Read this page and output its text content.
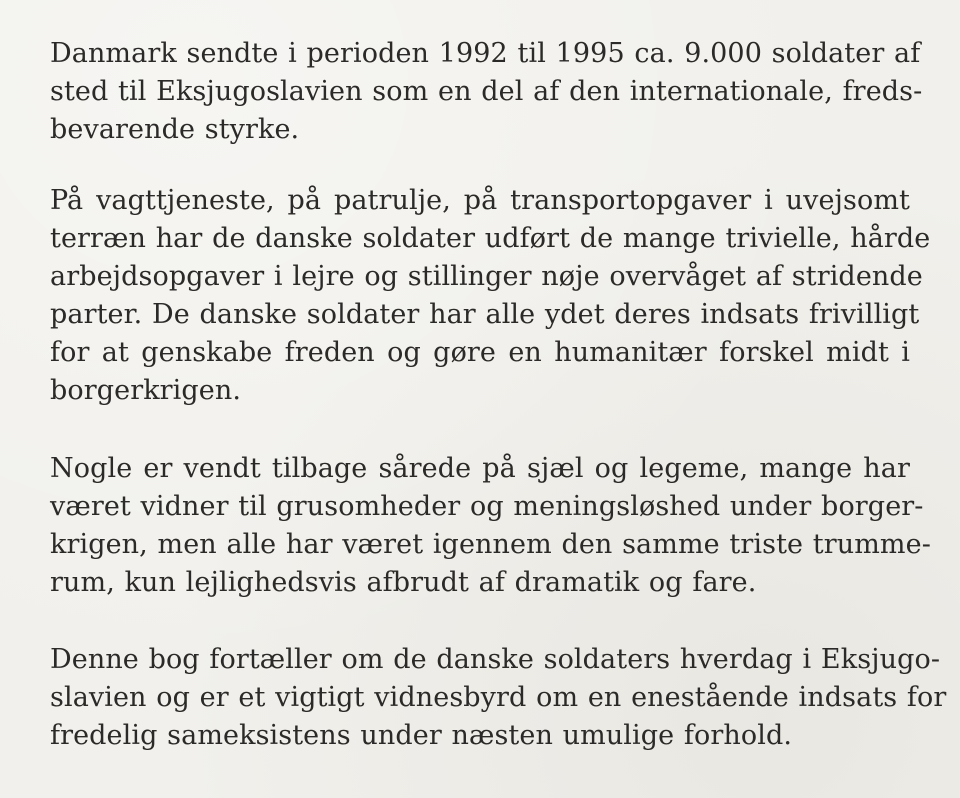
Danmark sendte i perioden 1992 til 1995 ca. 9.000 soldater af
sted til Eksjugoslavien som en del af den internationale, freds-
bevarende styrke.

På vagttjeneste, på patrulje, på transportopgaver i uvejsomt
terræn har de danske soldater udført de mange trivielle, hårde
arbejdsopgaver i lejre og stillinger nøje overvåget af stridende
parter. De danske soldater har alle ydet deres indsats frivilligt
for at genskabe freden og gøre en humanitær forskel midt i
borgerkrigen.

Nogle er vendt tilbage sårede på sjæl og legeme, mange har
været vidner til grusomheder og meningsløshed under borger-
krigen, men alle har været igennem den samme triste trumme-
rum, kun lejlighedsvis afbrudt af dramatik og fare.

Denne bog fortæller om de danske soldaters hverdag i Eksjugo-
slavien og er et vigtigt vidnesbyrd om en enestående indsats for
fredelig sameksistens under næsten umulige forhold.
